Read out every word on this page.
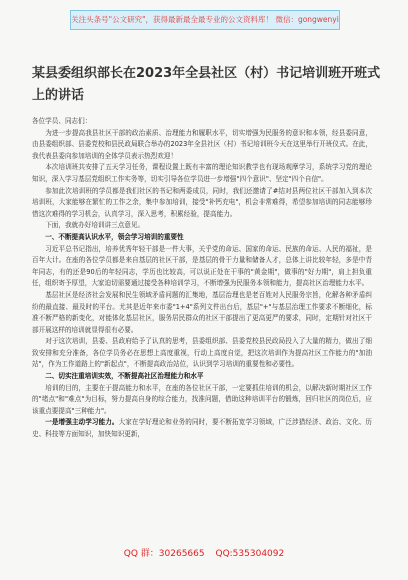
关注头条号"公文研究"，获得最新最全最专业的公文资料库！ 微信：gongwenyi
某县委组织部长在2023年全县社区（村）书记培训班开班式上的讲话

各位学员、同志们：

为进一步提高我县社区干部的政治素质、治理能力和履职水平，切实增强为民服务的意识和本领，经县委同意，由县委组织部、县委党校和县民政局联合举办的2023年全县社区（村）书记培训班今天在这里举行开班仪式。在此，我代表县委向参加培训的全体学员表示热烈欢迎！

本次培训班共安排了五天学习任务，课程设置上既有丰富的理论知识教学也有现场观摩学习，系统学习党的理论知识，深入学习基层党组织工作实务等，切实引导各位学员进一步增强"四个意识"、坚定"四个自信"。

参加此次培训班的学员都是我们社区的书记和两委成员，同时，我们还邀请了#结对县两位社区干部加入到本次培训班，大家能够在繁忙的工作之余，集中参加培训，接受"补钙充电"，机会非常难得，希望参加培训的同志能够珍惜这次难得的学习机会，认真学习，深入思考，积累经验，提高能力。

下面，我就办好培训讲三点意见。

一、不断提高认识水平，领会学习培训的重要性

习近平总书记指出，培养优秀年轻干部是一件大事，关乎党的命运、国家的命运、民族的命运、人民的福祉，是百年大计。在座的各位学员都是来自基层的社区干部，是基层的骨干力量和储备人才，总体上讲比较年轻，多是中青年同志，有的还是90后的年轻同志，学历也比较高，可以说正处在干事的"黄金期"，做事的"好力期"，肩上担负重任，组织寄予厚望，大家迫切需要通过接受各种培训学习，不断增强为民服务本领和能力，提高社区治理能力水平。

基层社区是经济社会发展和民生领域矛盾问题的汇集地，基层治理也是老百姓对人民服务宗旨，化解各种矛盾纠纷的最直接、最及时的平台。尤其是近年来市委"1+4"系列文件出台后，基层"+"与基层治理工作要求不断细化，标准不断严格的新变化，对能体化基层社区，服务居民群众的社区干部提出了更高更严的要求，同时，定期针对社区干部开展这样的培训就显得很有必要。

对于这次培训，县委、县政府给予了认真的思考，县委组织部、县委党校县民政局投入了大量的精力，做出了细致安排和充分准备，各位学员务必在思想上高度重视，行动上高度自觉，把这次培训作为提高社区工作能力的"加油站"，作为工作道路上的"新起点"，不断提高政治站位，认识到学习培训的重要性和必要性。

二、切实注重培训实效，不断提高社区治理能力和水平

培训的目的，主要在于提高能力和水平，在座的各位社区干部，一定要抓住培训的机会，以解决新时期社区工作的"堵点"和"难点"为目标，努力提高自身的综合能力，找准问题，借助这种培训平台的锻炼，回归社区的岗位后，应该重点要提高"三种能力"。

一是增强主动学习能力。大家在学好理论和业务的同时，要不断拓宽学习领域，广泛涉猎经济、政治、文化、历史、科技等方面知识，加快知识更新，

QQ 群：30265665 QQ:535304092
